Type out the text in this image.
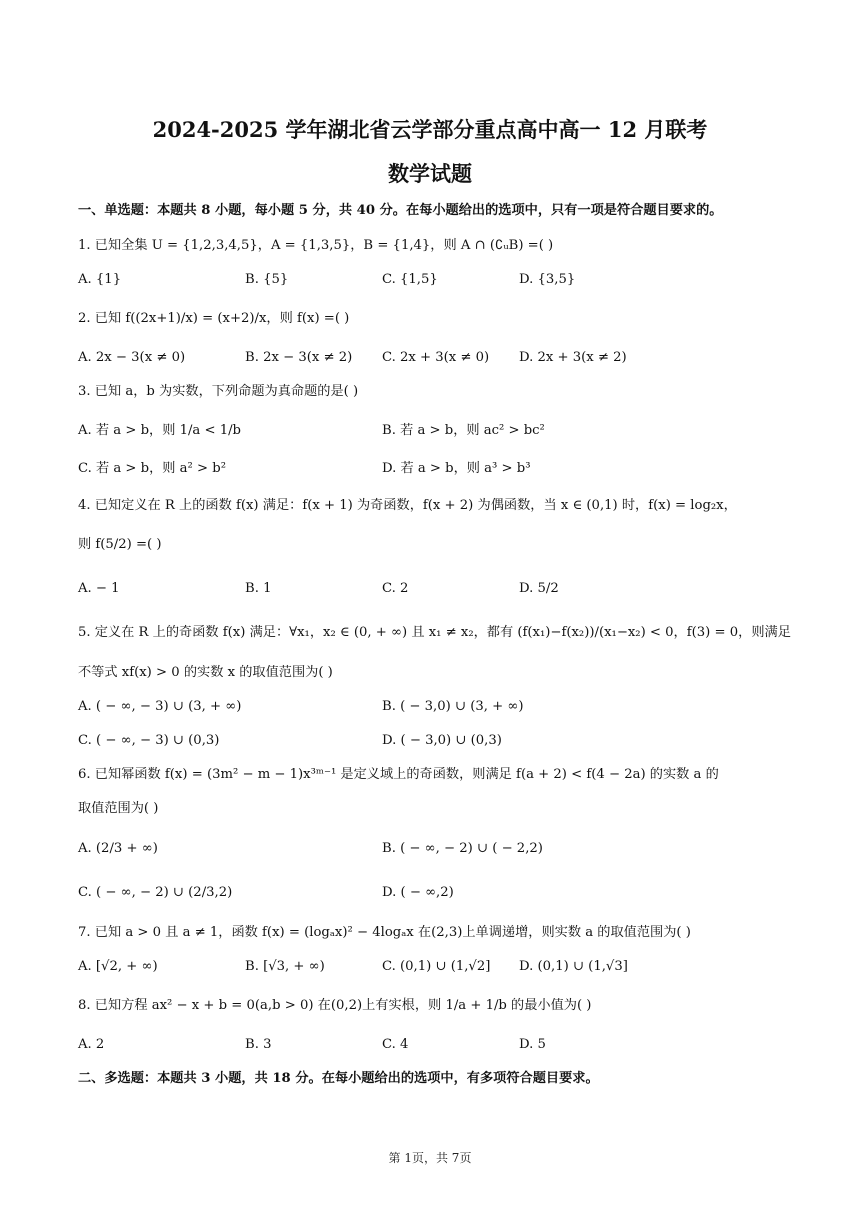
2024-2025 学年湖北省云学部分重点高中高一 12 月联考
数学试题
一、单选题：本题共 8 小题，每小题 5 分，共 40 分。在每小题给出的选项中，只有一项是符合题目要求的。
1. 已知全集 U = {1,2,3,4,5}，A = {1,3,5}，B = {1,4}，则 A ∩ (∁ᵤB) =( )
A. {1}	B. {5}	C. {1,5}	D. {3,5}
2. 已知 f((2x+1)/x) = (x+2)/x，则 f(x) =( )
A. 2x − 3(x ≠ 0)	B. 2x − 3(x ≠ 2) C. 2x + 3(x ≠ 0) D. 2x + 3(x ≠ 2)
3. 已知 a，b 为实数，下列命题为真命题的是( )
A. 若 a > b，则 1/a < 1/b	B. 若 a > b，则 ac² > bc²
C. 若 a > b，则 a² > b²	D. 若 a > b，则 a³ > b³
4. 已知定义在 R 上的函数 f(x) 满足：f(x + 1) 为奇函数，f(x + 2) 为偶函数，当 x ∈ (0,1) 时，f(x) = log₂x，
则 f(5/2) =( )
A. − 1	B. 1	C. 2	D. 5/2
5. 定义在 R 上的奇函数 f(x) 满足：∀x₁，x₂ ∈ (0, + ∞) 且 x₁ ≠ x₂，都有 (f(x₁)−f(x₂))/(x₁−x₂) < 0，f(3) = 0，则满足
不等式 xf(x) > 0 的实数 x 的取值范围为( )
A. ( − ∞, − 3) ∪ (3, + ∞)	B. ( − 3,0) ∪ (3, + ∞)
C. ( − ∞, − 3) ∪ (0,3)	D. ( − 3,0) ∪ (0,3)
6. 已知幂函数 f(x) = (3m² − m − 1)x³ᵐ⁻¹ 是定义域上的奇函数，则满足 f(a + 2) < f(4 − 2a) 的实数 a 的
取值范围为( )
A. (2/3 + ∞)	B. ( − ∞, − 2) ∪ ( − 2,2)
C. ( − ∞, − 2) ∪ (2/3,2)	D. ( − ∞,2)
7. 已知 a > 0 且 a ≠ 1，函数 f(x) = (logₐx)² − 4logₐx 在(2,3)上单调递增，则实数 a 的取值范围为( )
A. [√2, + ∞)	B. [√3, + ∞)	C. (0,1) ∪ (1,√2] D. (0,1) ∪ (1,√3]
8. 已知方程 ax² − x + b = 0(a,b > 0) 在(0,2)上有实根，则 1/a + 1/b 的最小值为( )
A. 2	B. 3	C. 4	D. 5
二、多选题：本题共 3 小题，共 18 分。在每小题给出的选项中，有多项符合题目要求。
第 1页，共 7页
